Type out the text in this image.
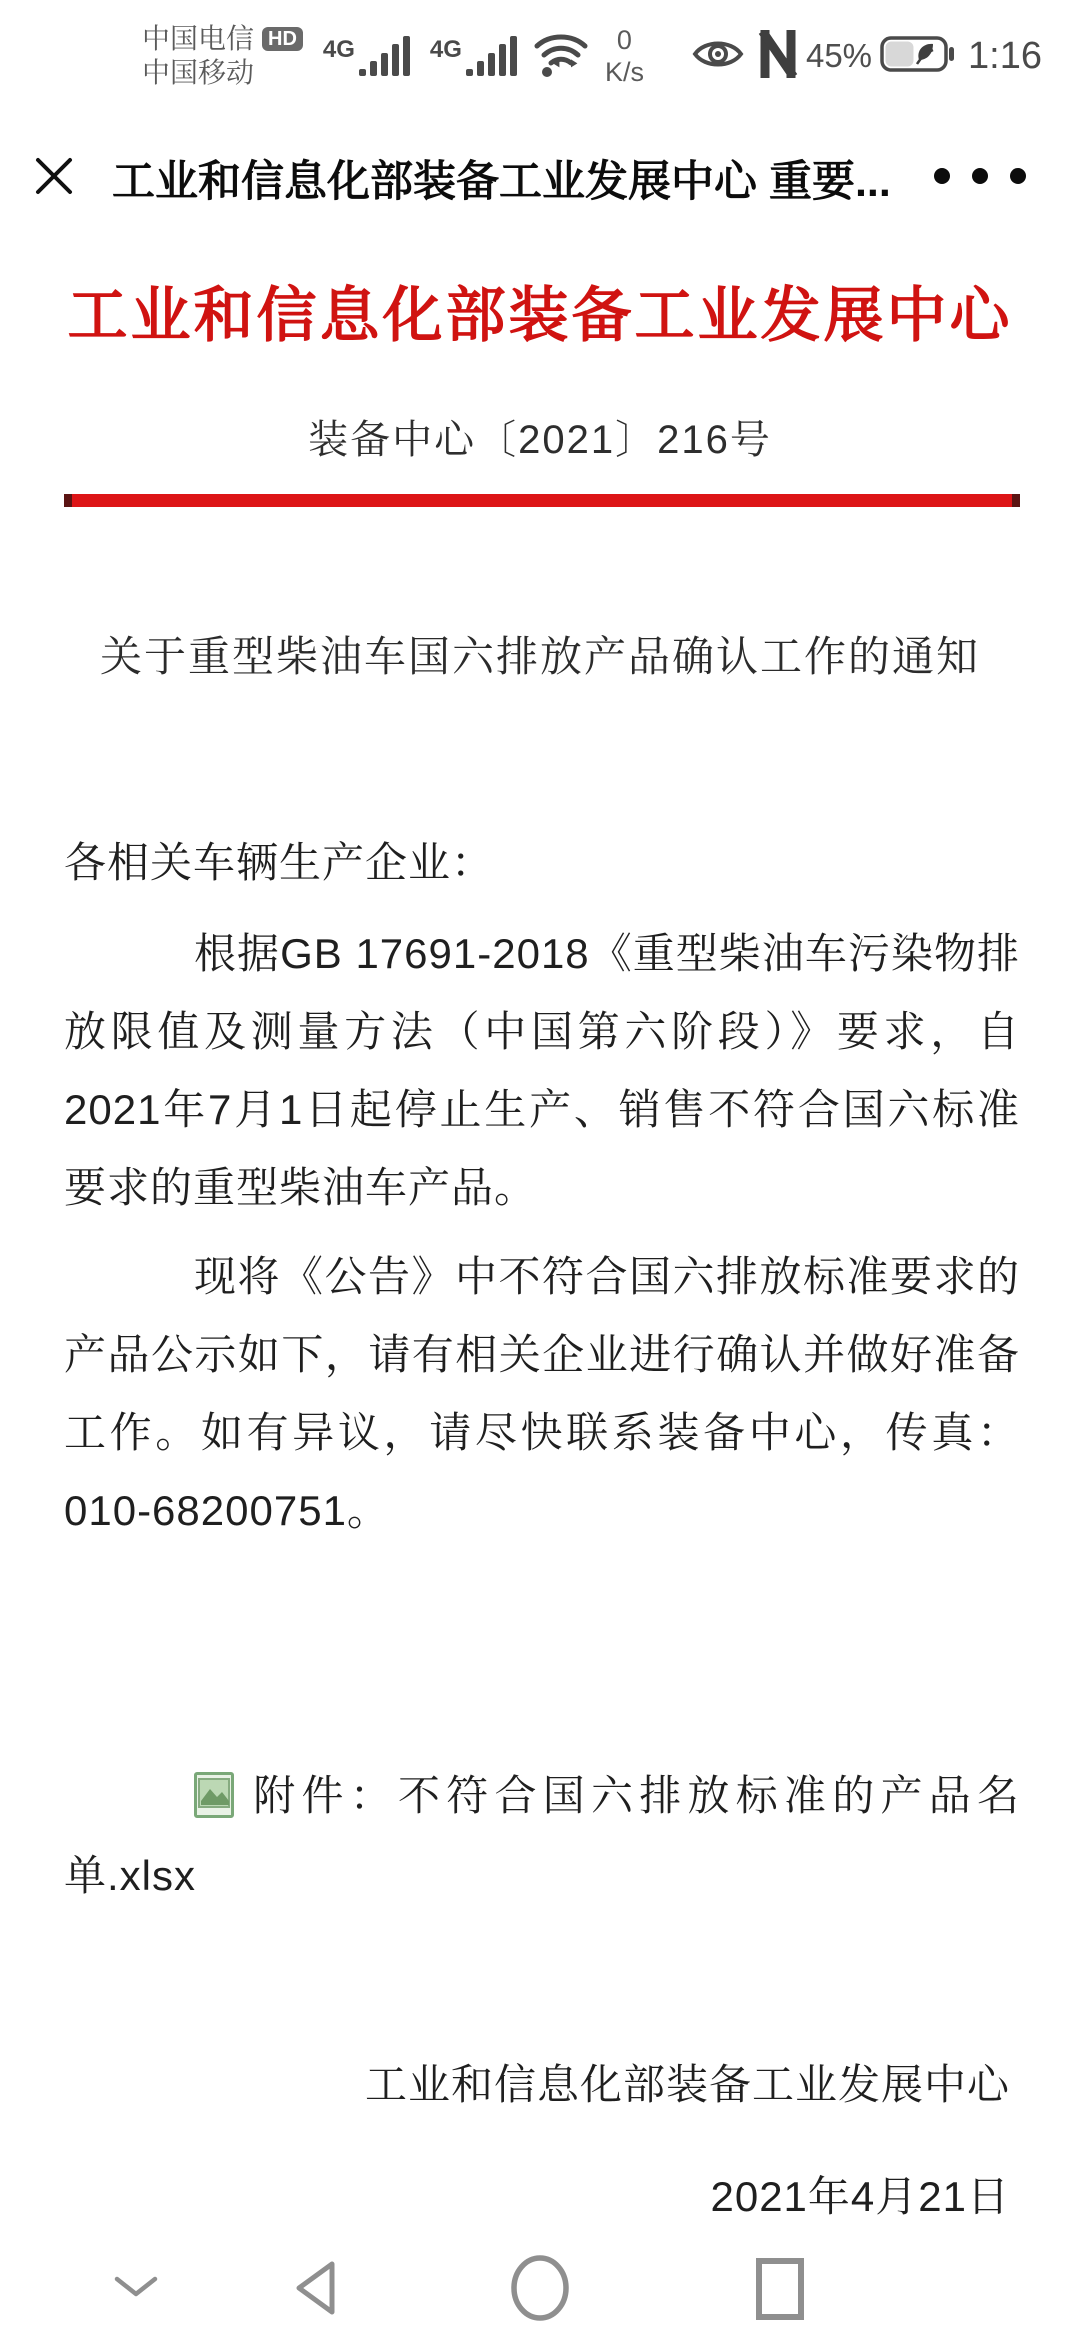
中国电信 HD
中国移动
4G	4G	0
K/s	45%	1:16
工业和信息化部装备工业发展中心 重要...
工业和信息化部装备工业发展中心
装备中心〔2021〕216号
关于重型柴油车国六排放产品确认工作的通知
各相关车辆生产企业：
根据GB 17691-2018《重型柴油车污染物排放限值及测量方法（中国第六阶段）》要求，自2021年7月1日起停止生产、销售不符合国六标准要求的重型柴油车产品。
现将《公告》中不符合国六排放标准要求的产品公示如下，请有相关企业进行确认并做好准备工作。如有异议，请尽快联系装备中心，传真：010-68200751。
附件：不符合国六排放标准的产品名单.xlsx
工业和信息化部装备工业发展中心
2021年4月21日
